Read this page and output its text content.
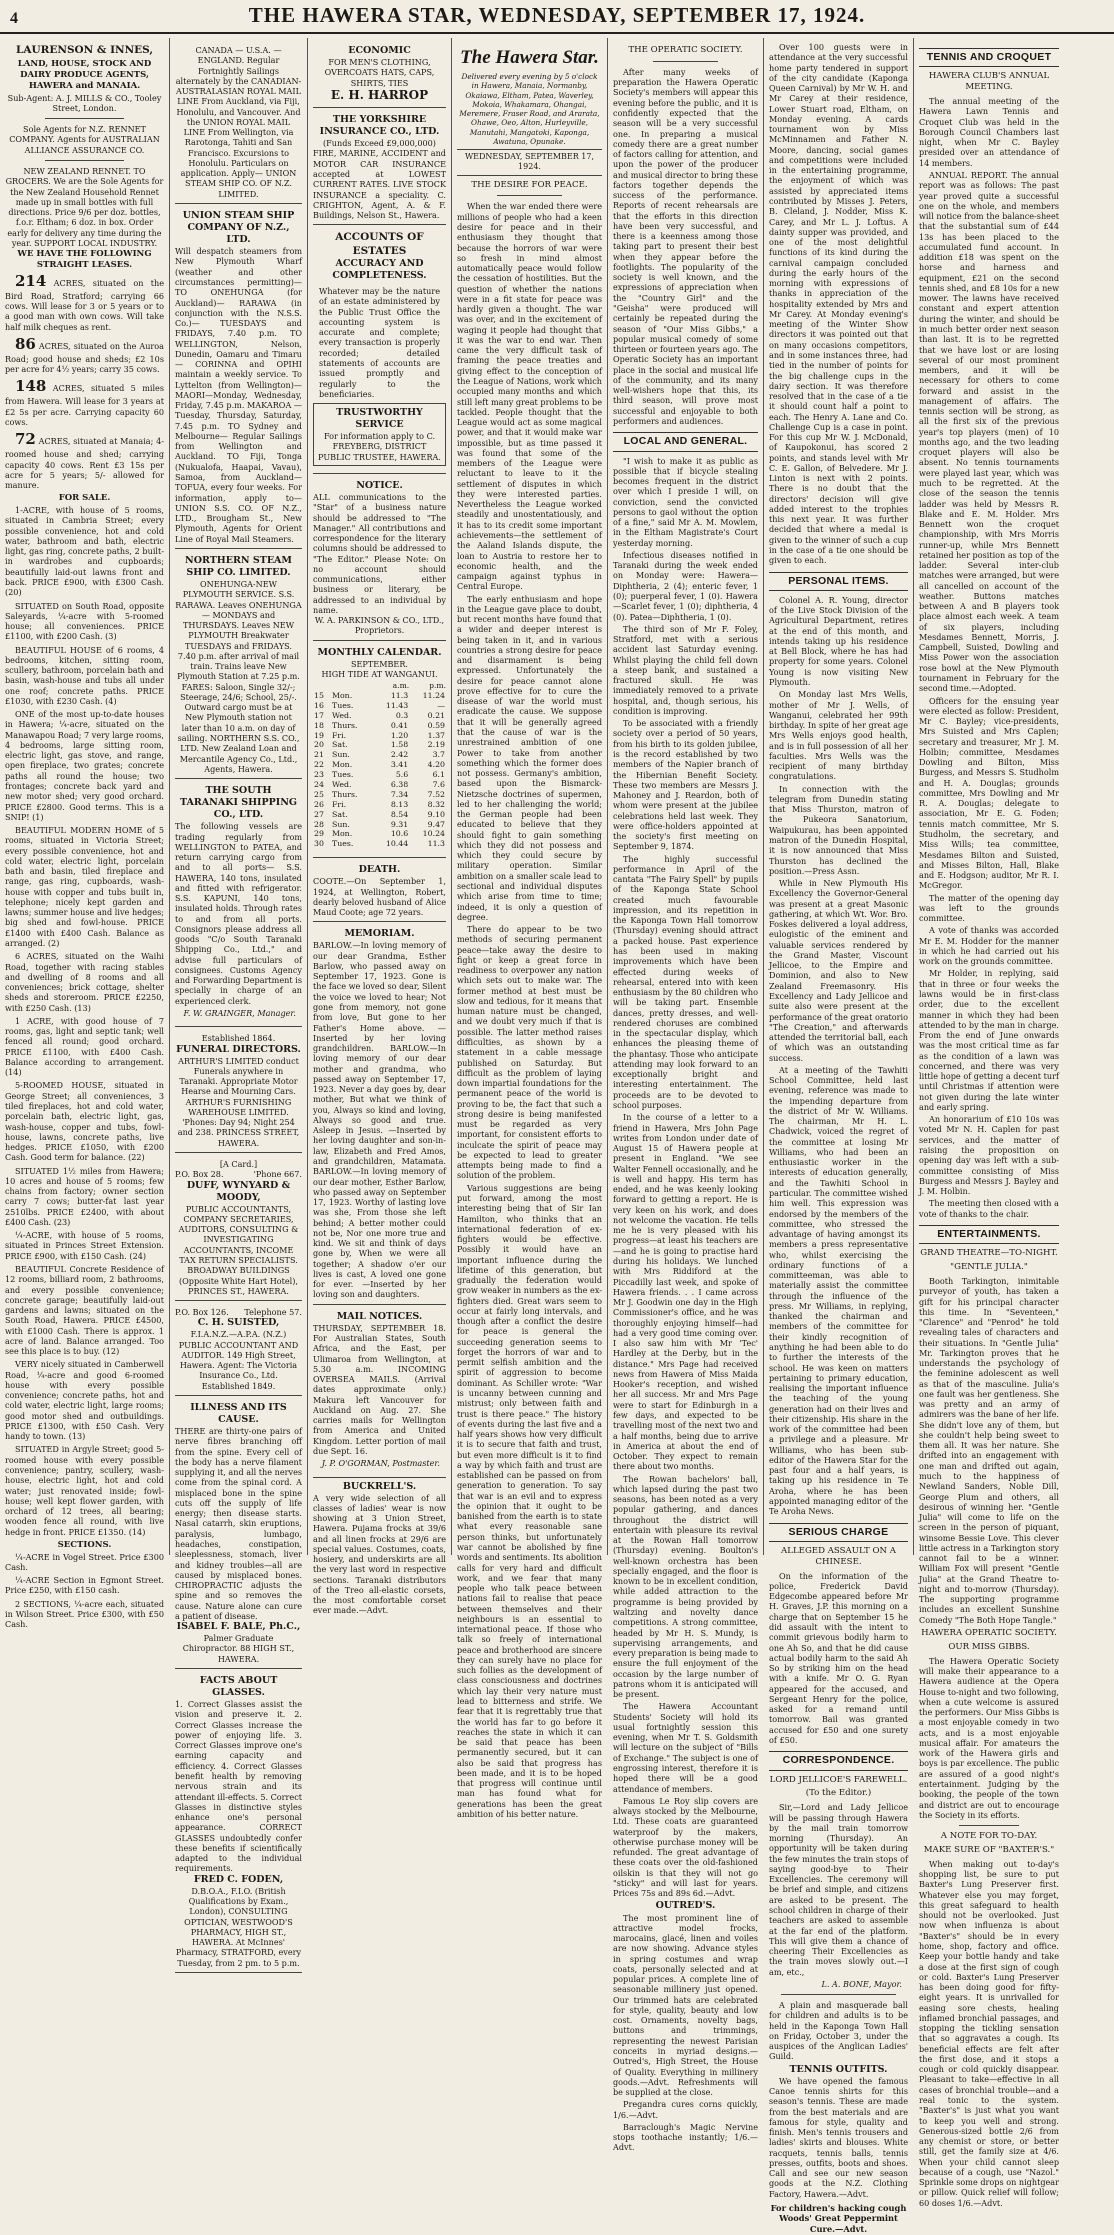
4	THE HAWERA STAR, WEDNESDAY, SEPTEMBER 17, 1924.
LAURENSON & INNES,
LAND, HOUSE, STOCK AND DAIRY PRODUCE AGENTS, HAWERA and MANAIA.
Sub-Agent: A. J. MILLS & CO., Tooley Street, London.
Sole Agents for N.Z. RENNET COMPANY. Agents for AUSTRALIAN ALLIANCE ASSURANCE CO.
NEW ZEALAND RENNET. TO GROCERS. We are the Sole Agents for the New Zealand Household Rennet made up in small bottles with full directions. Price 9/6 per doz. bottles, f.o.r. Eltham; 6 doz. in box. Order early for delivery any time during the year. SUPPORT LOCAL INDUSTRY.
WE HAVE THE FOLLOWING STRAIGHT LEASES.

214 ACRES, situated on the Bird Road, Stratford; carrying 66 cows. Will lease for 3 or 5 years or to a good man with own cows. Will take half milk cheques as rent.

86 ACRES, situated on the Auroa Road; good house and sheds; £2 10s per acre for 4½ years; carry 35 cows.

148 ACRES, situated 5 miles from Hawera. Will lease for 3 years at £2 5s per acre. Carrying capacity 60 cows.

72 ACRES, situated at Manaia; 4-roomed house and shed; carrying capacity 40 cows. Rent £3 15s per acre for 5 years; 5/- allowed for manure.

FOR SALE.

1-ACRE, with house of 5 rooms, situated in Cambria Street; every possible convenience, hot and cold water, bathroom and bath, electric light, gas ring, concrete paths, 2 built-in wardrobes and cupboards; beautifully laid-out lawns front and back. PRICE £900, with £300 Cash. (20)

SITUATED on South Road, opposite Saleyards, ¼-acre with 5-roomed house; all conveniences. PRICE £1100, with £200 Cash. (3)

BEAUTIFUL HOUSE of 6 rooms, 4 bedrooms, kitchen, sitting room, scullery, bathroom, porcelain bath and basin, wash-house and tubs all under one roof; concrete paths. PRICE £1030, with £230 Cash. (4)

ONE of the most up-to-date houses in Hawera; ¼-acre, situated on the Manawapou Road; 7 very large rooms, 4 bedrooms, large sitting room, electric light, gas stove, and range, open fireplace, two grates; concrete paths all round the house; two frontages; concrete back yard and new motor shed; very good orchard. PRICE £2800. Good terms. This is a SNIP! (1)

BEAUTIFUL MODERN HOME of 5 rooms, situated in Victoria Street; every possible convenience, hot and cold water, electric light, porcelain bath and basin, tiled fireplace and range, gas ring, cupboards, wash-house with copper and tubs built in, telephone; nicely kept garden and lawns; summer house and live hedges; big shed and fowl-house. PRICE £1400 with £400 Cash. Balance as arranged. (2)

6 ACRES, situated on the Waihi Road, together with racing stables and dwelling of 8 rooms and all conveniences; brick cottage, shelter sheds and storeroom. PRICE £2250, with £250 Cash. (13)

1 ACRE, with good house of 7 rooms, gas, light and septic tank; well fenced all round; good orchard. PRICE £1100, with £400 Cash. Balance according to arrangement. (14)

5-ROOMED HOUSE, situated in George Street; all conveniences, 3 tiled fireplaces, hot and cold water, porcelain bath, electric light, gas, wash-house, copper and tubs, fowl-house, lawns, concrete paths, live hedges. PRICE £1050, with £200 Cash. Good term for balance. (22)

SITUATED 1½ miles from Hawera; 10 acres and house of 5 rooms; few chains from factory; owner section carry 7 cows; butter-fat last year 2510lbs. PRICE £2400, with about £400 Cash. (23)

¼-ACRE, with house of 5 rooms, situated in Princes Street Extension. PRICE £900, with £150 Cash. (24)

BEAUTIFUL Concrete Residence of 12 rooms, billiard room, 2 bathrooms, and every possible convenience; concrete garage; beautifully laid-out gardens and lawns; situated on the South Road, Hawera. PRICE £4500, with £1000 Cash. There is approx. 1 acre of land. Balance arranged. Too see this place is to buy. (12)

VERY nicely situated in Camberwell Road, ¼-acre and good 6-roomed house with every possible convenience; concrete paths, hot and cold water, electric light, large rooms; good motor shed and outbuildings. PRICE £1300, with £50 Cash. Very handy to town. (13)

SITUATED in Argyle Street; good 5-roomed house with every possible convenience; pantry, scullery, wash-house, electric light, hot and cold water; just renovated inside; fowl-house; well kept flower garden, with orchard of 12 trees, all bearing; wooden fence all round, with live hedge in front. PRICE £1350. (14)

SECTIONS.

¼-ACRE in Vogel Street. Price £300 Cash.

¼-ACRE Section in Egmont Street. Price £250, with £150 cash.

2 SECTIONS, ¼-acre each, situated in Wilson Street. Price £300, with £50 Cash.

CANADA — U.S.A. — ENGLAND. Regular Fortnightly Sailings alternately by the CANADIAN-AUSTRALASIAN ROYAL MAIL LINE From Auckland, via Fiji, Honolulu, and Vancouver. And the UNION ROYAL MAIL LINE From Wellington, via Rarotonga, Tahiti and San Francisco. Excursions to Honolulu. Particulars on application. Apply— UNION STEAM SHIP CO. OF N.Z. LIMITED.
UNION STEAM SHIP COMPANY OF N.Z., LTD.
Will despatch steamers from New Plymouth Wharf (weather and other circumstances permitting)— TO ONEHUNGA (for Auckland)— RARAWA (in conjunction with the N.S.S. Co.)— TUESDAYS and FRIDAYS, 7.40 p.m. TO WELLINGTON, Nelson, Dunedin, Oamaru and Timaru— CORINNA and OPIHI maintain a weekly service. To Lyttelton (from Wellington)— MAORI—Monday, Wednesday, Friday, 7.45 p.m. MAKAROA — Tuesday, Thursday, Saturday, 7.45 p.m. TO Sydney and Melbourne— Regular Sailings from Wellington and Auckland. TO Fiji, Tonga (Nukualofa, Haapai, Vavau), Samoa, from Auckland— TOFUA, every four weeks. For information, apply to— UNION S.S. CO. OF N.Z., LTD., Brougham St., New Plymouth, Agents for Orient Line of Royal Mail Steamers.
NORTHERN STEAM SHIP CO. LIMITED.
ONEHUNGA-NEW PLYMOUTH SERVICE. S.S. RARAWA. Leaves ONEHUNGA— MONDAYS and THURSDAYS. Leaves NEW PLYMOUTH Breakwater TUESDAYS and FRIDAYS. 7.40 p.m. after arrival of mail train. Trains leave New Plymouth Station at 7.25 p.m. FARES: Saloon, Single 32/-; Steerage, 24/6; School, 25/-. Outward cargo must be at New Plymouth station not later than 10 a.m. on day of sailing. NORTHERN S.S. CO., LTD. New Zealand Loan and Mercantile Agency Co., Ltd., Agents, Hawera.
THE SOUTH TARANAKI SHIPPING CO., LTD.
The following vessels are trading regularly from WELLINGTON to PATEA, and return carrying cargo from and to all ports— S.S. HAWERA, 140 tons, insulated and fitted with refrigerator. S.S. KAPUNI, 140 tons, insulated holds. Through rates to and from all ports. Consignors please address all goods "C/o South Taranaki Shipping Co., Ltd.," and advise full particulars of consignees. Customs Agency and Forwarding Department is specially in charge of an experienced clerk.
F. W. GRAINGER, Manager.
Established 1864.
FUNERAL DIRECTORS.
ARTHUR'S LIMITED conduct Funerals anywhere in Taranaki. Appropriate Motor Hearse and Mourning Cars. ARTHUR'S FURNISHING WAREHOUSE LIMITED. 'Phones: Day 94; Night 254 and 238. PRINCESS STREET, HAWERA.
[A Card.]
P.O. Box 28.	'Phone 667.
DUFF, WYNYARD & MOODY,
PUBLIC ACCOUNTANTS, COMPANY SECRETARIES, AUDITORS, CONSULTING & INVESTIGATING ACCOUNTANTS, INCOME TAX RETURN SPECIALISTS. BROADWAY BUILDINGS (Opposite White Hart Hotel), PRINCES ST., HAWERA.
P.O. Box 126. Telephone 57.
C. H. SUISTED,
F.I.A.N.Z.—A.P.A. (N.Z.) PUBLIC ACCOUNTANT AND AUDITOR. 149 High Street, Hawera. Agent: The Victoria Insurance Co., Ltd. Established 1849.
ILLNESS AND ITS CAUSE.
THERE are thirty-one pairs of nerve fibres branching off from the spine. Every cell of the body has a nerve filament supplying it, and all the nerves come from the spinal cord. A misplaced bone in the spine cuts off the supply of life energy; then disease starts. Nasal catarrh, skin eruptions, paralysis, lumbago, headaches, constipation, sleeplessness, stomach, liver and kidney troubles—all are caused by misplaced bones. CHIROPRACTIC adjusts the spine and so removes the cause. Nature alone can cure a patient of disease.
ISABEL F. BALE, Ph.C.,
Palmer Graduate Chiropractor. 88 HIGH ST., HAWERA.
FACTS ABOUT GLASSES.
1. Correct Glasses assist the vision and preserve it. 2. Correct Glasses increase the power of enjoying life. 3. Correct Glasses improve one's earning capacity and efficiency. 4. Correct Glasses benefit health by removing nervous strain and its attendant ill-effects. 5. Correct Glasses in distinctive styles enhance one's personal appearance. CORRECT GLASSES undoubtedly confer these benefits if scientifically adapted to the individual requirements.
FRED C. FODEN,
D.B.O.A., F.I.O. (British Qualifications by Exam., London), CONSULTING OPTICIAN, WESTWOOD'S PHARMACY, HIGH ST., HAWERA. At McInnes' Pharmacy, STRATFORD, every Tuesday, from 2 pm. to 5 p.m.
ECONOMIC
FOR MEN'S CLOTHING, OVERCOATS HATS, CAPS, SHIRTS, TIES
E. H. HARROP
THE YORKSHIRE INSURANCE CO., LTD.
(Funds Exceed £9,000,000)
FIRE, MARINE, ACCIDENT and MOTOR CAR INSURANCE accepted at LOWEST CURRENT RATES. LIVE STOCK INSURANCE a speciality. C. CRIGHTON, Agent, A. & F. Buildings, Nelson St., Hawera.
ACCOUNTS OF ESTATES
ACCURACY AND COMPLETENESS.
Whatever may be the nature of an estate administered by the Public Trust Office the accounting system is accurate and complete; every transaction is properly recorded; detailed statements of accounts are issued promptly and regularly to the beneficiaries.
TRUSTWORTHY SERVICE
For information apply to C. FREYBERG, DISTRICT PUBLIC TRUSTEE, HAWERA.
NOTICE.
ALL communications to the "Star" of a business nature should be addressed to "The Manager." All contributions and correspondence for the literary columns should be addressed to "The Editor." Please Note: On no account should communications, either business or literary, be addressed to an individual by name.
W. A. PARKINSON & CO., LTD., Proprietors.
MONTHLY CALENDAR.
SEPTEMBER.
HIGH TIDE AT WANGANUI.
		a.m.	p.m.
15	Mon.	11.3	11.24
16	Tues.	11.43	—
17	Wed.	0.3	0.21
18	Thurs.	0.41	0.59
19	Fri.	1.20	1.37
20	Sat.	1.58	2.19
21	Sun.	2.42	3.7
22	Mon.	3.41	4.20
23	Tues.	5.6	6.1
24	Wed.	6.38	7.6
25	Thurs.	7.34	7.52
26	Fri.	8.13	8.32
27	Sat.	8.54	9.10
28	Sun.	9.31	9.47
29	Mon.	10.6	10.24
30	Tues.	10.44	11.3
DEATH.
COOTE.—On September 1, 1924, at Wellington, Robert, dearly beloved husband of Alice Maud Coote; age 72 years.
MEMORIAM.
BARLOW.—In loving memory of our dear Grandma, Esther Barlow, who passed away on September 17, 1923. Gone is the face we loved so dear, Silent the voice we loved to hear; Not gone from memory, not gone from love, But gone to her Father's Home above. —Inserted by her loving grandchildren. BARLOW.—In loving memory of our dear mother and grandma, who passed away on September 17, 1923. Never a day goes by, dear mother, But what we think of you, Always so kind and loving, Always so good and true. Asleep in Jesus. —Inserted by her loving daughter and son-in-law, Elizabeth and Fred Amos, and grandchildren, Matamata. BARLOW.—In loving memory of our dear mother, Esther Barlow, who passed away on September 17, 1923. Worthy of lasting love was she, From those she left behind; A better mother could not be, Nor one more true and kind. We sit and think of days gone by, When we were all together; A shadow o'er our lives is cast, A loved one gone for ever. —Inserted by her loving son and daughters.
MAIL NOTICES.
THURSDAY, SEPTEMBER 18. For Australian States, South Africa, and the East, per Ulimaroa from Wellington, at 5.30 a.m. INCOMING OVERSEA MAILS. (Arrival dates approximate only.) Makura left Vancouver for Auckland on Aug. 27. She carries mails for Wellington from America and United Kingdom. Letter portion of mail due Sept. 16.
J. P. O'GORMAN, Postmaster.
BUCKRELL'S.
A very wide selection of all classes of ladies' wear is now showing at 3 Union Street, Hawera. Pujama frocks at 39/6 and all linen frocks at 29/6 are special values. Costumes, coats, hosiery, and underskirts are all the very last word in respective sections. Taranaki distributors of the Treo all-elastic corsets, the most comfortable corset ever made.—Advt.
The Hawera Star.
Delivered every evening by 5 o'clock in Hawera, Manaia, Normanby, Okaiawa, Eltham, Patea, Waverley, Mokoia, Whakamara, Ohangai, Meremere, Fraser Road, and Ararata, Ohawe, Oeo, Alton, Hurleyville, Manutahi, Mangatoki, Kaponga, Awatuna, Opunake.
WEDNESDAY, SEPTEMBER 17, 1924.
THE DESIRE FOR PEACE.

When the war ended there were millions of people who had a keen desire for peace and in their enthusiasm they thought that because the horrors of war were so fresh in mind almost automatically peace would follow the cessation of hostilities. But the question of whether the nations were in a fit state for peace was hardly given a thought. The war was over, and in the excitement of waging it people had thought that it was the war to end war. Then came the very difficult task of framing the peace treaties and giving effect to the conception of the League of Nations, work which occupied many months and which still left many great problems to be tackled. People thought that the League would act as some magical power, and that it would make war impossible, but as time passed it was found that some of the members of the League were reluctant to leave to it the settlement of disputes in which they were interested parties. Nevertheless the League worked steadily and unostentatiously, and it has to its credit some important achievements—the settlement of the Aaland Islands dispute, the loan to Austria to restore her to economic health, and the campaign against typhus in Central Europe.

The early enthusiasm and hope in the League gave place to doubt, but recent months have found that a wider and deeper interest is being taken in it, and in various countries a strong desire for peace and disarmament is being expressed. Unfortunately the desire for peace cannot alone prove effective for to cure the disease of war the world must eradicate the cause. We suppose that it will be generally agreed that the cause of war is the unrestrained ambition of one Power to take from another something which the former does not possess. Germany's ambition, based upon the Bismarck-Nietzsche doctrines of supermen, led to her challenging the world; the German people had been educated to believe that they should fight to gain something which they did not possess and which they could secure by military operation. Similar ambition on a smaller scale lead to sectional and individual disputes which arise from time to time; indeed, it is only a question of degree.

There do appear to be two methods of securing permanent peace—take away the desire to fight or keep a great force in readiness to overpower any nation which sets out to make war. The former method at best must be slow and tedious, for it means that human nature must be changed, and we doubt very much if that is possible. The latter method raises difficulties, as shown by a statement in a cable message published on Saturday. But difficult as the problem of laying down impartial foundations for the permanent peace of the world is proving to be, the fact that such a strong desire is being manifested must be regarded as very important, for consistent efforts to inculcate the spirit of peace may be expected to lead to greater attempts being made to find a solution of the problem.

Various suggestions are being put forward, among the most interesting being that of Sir Ian Hamilton, who thinks that an international federation of ex-fighters would be effective. Possibly it would have an important influence during the lifetime of this generation, but gradually the federation would grow weaker in numbers as the ex-fighters died. Great wars seem to occur at fairly long intervals, and though after a conflict the desire for peace is general the succeeding generation seems to forget the horrors of war and to permit selfish ambition and the spirit of aggression to become dominant. As Schiller wrote: "War is uncanny between cunning and mistrust; only between faith and trust is there peace." The history of events during the last five and a half years shows how very difficult it is to secure that faith and trust, but even more difficult is it to find a way by which faith and trust are established can be passed on from generation to generation. To say that war is an evil and to express the opinion that it ought to be banished from the earth is to state what every reasonable sane person thinks, but unfortunately war cannot be abolished by fine words and sentiments. Its abolition calls for very hard and difficult work, and we fear that many people who talk peace between nations fail to realise that peace between themselves and their neighbours is an essential to international peace. If those who talk so freely of international peace and brotherhood are sincere they can surely have no place for such follies as the development of class consciousness and doctrines which lay their very nature must lead to bitterness and strife. We fear that it is regrettably true that the world has far to go before it reaches the state in which it can be said that peace has been permanently secured, but it can also be said that progress has been made, and it is to be hoped that progress will continue until man has found what for generations has been the great ambition of his better nature.

THE OPERATIC SOCIETY.

After many weeks of preparation the Hawera Operatic Society's members will appear this evening before the public, and it is confidently expected that the season will be a very successful one. In preparing a musical comedy there are a great number of factors calling for attention, and upon the power of the producer and musical director to bring these factors together depends the success of the performance. Reports of recent rehearsals are that the efforts in this direction have been very successful, and there is a keenness among those taking part to present their best when they appear before the footlights. The popularity of the society is well known, and the expressions of appreciation when the "Country Girl" and the "Geisha" were produced will certainly be repeated during the season of "Our Miss Gibbs," a popular musical comedy of some thirteen or fourteen years ago. The Operatic Society has an important place in the social and musical life of the community, and its many well-wishers hope that this, its third season, will prove most successful and enjoyable to both performers and audiences.

LOCAL AND GENERAL.

"I wish to make it as public as possible that if bicycle stealing becomes frequent in the district over which I preside I will, on conviction, send the convicted persons to gaol without the option of a fine," said Mr A. M. Mowlem, in the Eltham Magistrate's Court yesterday morning.

Infectious diseases notified in Taranaki during the week ended on Monday were: Hawera—Diphtheria, 2 (4); enteric fever, 1 (0); puerperal fever, 1 (0). Hawera—Scarlet fever, 1 (0); diphtheria, 4 (0). Patea—Diphtheria, 1 (0).

The third son of Mr F. Foley, Stratford, met with a serious accident last Saturday evening. Whilst playing the child fell down a steep bank, and sustained a fractured skull. He was immediately removed to a private hospital, and, though serious, his condition is improving.

To be associated with a friendly society over a period of 50 years, from his birth to its golden jubilee, is the record established by two members of the Napier branch of the Hibernian Benefit Society. These two members are Messrs J. Mahoney and J. Reardon, both of whom were present at the jubilee celebrations held last week. They were office-holders appointed at the society's first meeting on September 9, 1874.

The highly successful performance in April of the cantata "The Fairy Spell" by pupils of the Kaponga State School created much favourable impression, and its repetition in the Kaponga Town Hall tomorrow (Thursday) evening should attract a packed house. Past experience has been used in making improvements which have been effected during weeks of rehearsal, entered into with keen enthusiasm by the 80 children who will be taking part. Ensemble dances, pretty dresses, and well-rendered choruses are combined in the spectacular display, which enhances the pleasing theme of the phantasy. Those who anticipate attending may look forward to an exceptionally bright and interesting entertainment. The proceeds are to be devoted to school purposes.

In the course of a letter to a friend in Hawera, Mrs John Page writes from London under date of August 15 of Hawera people at present in England. "We see Walter Fennell occasionally, and he is well and happy. His term has ended, and he was keenly looking forward to getting a report. He is very keen on his work, and does not welcome the vacation. He tells me he is very pleased with his progress—at least his teachers are—and he is going to practise hard during his holidays. We lunched with Mrs Riddiford at the Piccadilly last week, and spoke of Hawera friends. . . I came across Mr J. Goodwin one day in the High Commissioner's office, and he was thoroughly enjoying himself—had had a very good time coming over. I also saw him with Mr 'Tec' Hardley at the Derby, but in the distance." Mrs Page had received news from Hawera of Miss Maida Hooker's reception, and wished her all success. Mr and Mrs Page were to start for Edinburgh in a few days, and expected to be travelling most of the next two and a half months, being due to arrive in America at about the end of October. They expect to remain there about two months.

The Rowan bachelors' ball, which lapsed during the past two seasons, has been noted as a very popular gathering, and dances throughout the district will entertain with pleasure its revival at the Rowan Hall tomorrow (Thursday) evening. Boulton's well-known orchestra has been specially engaged, and the floor is known to be in excellent condition, while added attraction to the programme is being provided by waltzing and novelty dance competitions. A strong committee, headed by Mr H. S. Mundy, is supervising arrangements, and every preparation is being made to ensure the full enjoyment of the occasion by the large number of patrons whom it is anticipated will be present.

The Hawera Accountant Students' Society will hold its usual fortnightly session this evening, when Mr T. S. Goldsmith will lecture on the subject of "Bills of Exchange." The subject is one of engrossing interest, therefore it is hoped there will be a good attendance of members.

Famous Le Roy slip covers are always stocked by the Melbourne, Ltd. These coats are guaranteed waterproof by the makers, otherwise purchase money will be refunded. The great advantage of these coats over the old-fashioned oilskin is that they will not go "sticky" and will last for years. Prices 75s and 89s 6d.—Advt.

OUTRED'S.

The most prominent line of attractive model frocks, marocains, glacé, linen and voiles are now showing. Advance styles in spring costumes and wrap coats, personally selected and at popular prices. A complete line of seasonable millinery just opened. Our trimmed hats are celebrated for style, quality, beauty and low cost. Ornaments, novelty bags, buttons and trimmings, representing the newest Parisian conceits in myriad designs.—Outred's, High Street, the House of Quality. Everything in millinery goods.—Advt. Refreshments will be supplied at the close.

Pregandra cures corns quickly, 1/6.—Advt.

Barraclough's Magic Nervine stops toothache instantly; 1/6.—Advt.

Over 100 guests were in attendance at the very successful home party tendered in support of the city candidate (Kaponga Queen Carnival) by Mr W. H. and Mr Carey at their residence, Lower Stuart road, Eltham, on Monday evening. A cards tournament won by Miss McMinnamen and Father N. Moore, dancing, social games and competitions were included in the entertaining programme, the enjoyment of which was assisted by appreciated items contributed by Misses J. Peters, B. Cleland, J. Nodder, Miss K. Carey, and Mr L. J. Loftus. A dainty supper was provided, and one of the most delightful functions of its kind during the carnival campaign concluded during the early hours of the morning with expressions of thanks in appreciation of the hospitality extended by Mrs and Mr Carey. At Monday evening's meeting of the Winter Show directors it was pointed out that on many occasions competitors, and in some instances three, had tied in the number of points for the big challenge cups in the dairy section. It was therefore resolved that in the case of a tie it should count half a point to each. The Henry A. Lane and Co. Challenge Cup is a case in point. For this cup Mr W. J. McDonald, of Kaupokonui, has scored 2 points, and stands level with Mr C. E. Gallon, of Belvedere. Mr J. Linton is next with 2 points. There is no doubt that the directors' decision will give added interest to the trophies this next year. It was further decided that where a medal is given to the winner of such a cup in the case of a tie one should be given to each.

PERSONAL ITEMS.

Colonel A. R. Young, director of the Live Stock Division of the Agricultural Department, retires at the end of this month, and intends taking up his residence at Bell Block, where he has had property for some years. Colonel Young is now visiting New Plymouth.

On Monday last Mrs Wells, mother of Mr J. Wells, of Wanganui, celebrated her 99th birthday. In spite of her great age Mrs Wells enjoys good health, and is in full possession of all her faculties. Mrs Wells was the recipient of many birthday congratulations.

In connection with the telegram from Dunedin stating that Miss Thurston, matron of the Pukeora Sanatorium, Waipukurau, has been appointed matron of the Dunedin Hospital, it is now announced that Miss Thurston has declined the position.—Press Assn.

While in New Plymouth His Excellency the Governor-General was present at a great Masonic gathering, at which Wt. Wor. Bro. Foskes delivered a loyal address, eulogistic of the eminent and valuable services rendered by the Grand Master, Viscount Jellicoe, to the Empire and Dominion, and also to New Zealand Freemasonry. His Excellency and Lady Jellicoe and suite also were present at the performance of the great oratorio "The Creation," and afterwards attended the territorial ball, each of which was an outstanding success.

At a meeting of the Tawhiti School Committee, held last evening, reference was made to the impending departure from the district of Mr W. Williams. The chairman, Mr H. L. Chadwick, voiced the regret of the committee at losing Mr Williams, who had been an enthusiastic worker in the interests of education generally, and the Tawhiti School in particular. The committee wished him well. This expression was endorsed by the members of the committee, who stressed the advantage of having amongst its members a press representative who, whilst exercising the ordinary functions of a committeeman, was able to materially assist the committee through the influence of the press. Mr Williams, in replying, thanked the chairman and members of the committee for their kindly recognition of anything he had been able to do to further the interests of the school. He was keen on matters pertaining to primary education, realising the important influence the teaching of the young generation had on their lives and their citizenship. His share in the work of the committee had been a privilege and a pleasure. Mr Williams, who has been sub-editor of the Hawera Star for the past four and a half years, is taking up his residence in Te Aroha, where he has been appointed managing editor of the Te Aroha News.

SERIOUS CHARGE
ALLEGED ASSAULT ON A CHINESE.

On the information of the police, Frederick David Edgecombe appeared before Mr H. Graves, J.P. this morning on a charge that on September 15 he did assault with the intent to commit grievous bodily harm to one Ah So, and that he did cause actual bodily harm to the said Ah So by striking him on the head with a knife. Mr O. G. Ryan appeared for the accused, and Sergeant Henry for the police, asked for a remand until tomorrow. Bail was granted accused for £50 and one surety of £50.

CORRESPONDENCE.
LORD JELLICOE'S FAREWELL.
(To the Editor.)

Sir,—Lord and Lady Jellicoe will be passing through Hawera by the mail train tomorrow morning (Thursday). An opportunity will be taken during the few minutes the train stops of saying good-bye to Their Excellencies. The ceremony will be brief and simple, and citizens are asked to be present. The school children in charge of their teachers are asked to assemble at the far end of the platform. This will give them a chance of cheering Their Excellencies as the train moves slowly out.—I am, etc.,

L. A. BONE, Mayor.

A plain and masquerade ball for children and adults is to be held in the Kaponga Town Hall on Friday, October 3, under the auspices of the Anglican Ladies' Guild.

TENNIS OUTFITS.

We have opened the famous Canoe tennis shirts for this season's tennis. These are made from the best materials and are famous for style, quality and finish. Men's tennis trousers and ladies' skirts and blouses. White racquets, tennis balls, tennis presses, outfits, boots and shoes. Call and see our new season goods at the N.Z. Clothing Factory, Hawera.—Advt.

For children's hacking cough Woods' Great Peppermint Cure.—Advt.
TENNIS AND CROQUET
HAWERA CLUB'S ANNUAL MEETING.

The annual meeting of the Hawera Lawn Tennis and Croquet Club was held in the Borough Council Chambers last night, when Mr C. Bayley presided over an attendance of 14 members.

ANNUAL REPORT. The annual report was as follows: The past year proved quite a successful one on the whole, and members will notice from the balance-sheet that the substantial sum of £44 13s has been placed to the accumulated fund account. In addition £18 was spent on the horse and harness and equipment, £21 on the second tennis shed, and £8 10s for a new mower. The lawns have received constant and expert attention during the winter, and should be in much better order next season than last. It is to be regretted that we have lost or are losing several of our most prominent members, and it will be necessary for others to come forward and assist in the management of affairs. The tennis section will be strong, as all the first six of the previous year's top players (men) of 10 months ago, and the two leading croquet players will also be absent. No tennis tournaments were played last year, which was much to be regretted. At the close of the season the tennis ladder was held by Messrs R. Blake and E. M. Holder. Mrs Bennett won the croquet championship, with Mrs Morris runner-up, while Mrs Bennett retained her position as top of the ladder. Several inter-club matches were arranged, but were all cancelled on account of the weather. Buttons matches between A and B players took place almost each week. A team of six players, including Mesdames Bennett, Morris, J. Campbell, Suisted, Dowling and Miss Power won the association rose bowl at the New Plymouth tournament in February for the second time.—Adopted.

Officers for the ensuing year were elected as follow: President, Mr C. Bayley; vice-presidents, Mrs Suisted and Mrs Caplen; secretary and treasurer, Mr J. M. Holbin; committee, Mesdames Dowling and Bilton, Miss Burgess, and Messrs S. Studholm and H. A. Douglas; grounds committee, Mrs Dowling and Mr R. A. Douglas; delegate to association, Mr E. G. Foden; tennis match committee, Mr S. Studholm, the secretary, and Miss Wills; tea committee, Mesdames Bilton and Suisted, and Misses Bilton, Hall, Blake and E. Hodgson; auditor, Mr R. I. McGregor.

The matter of the opening day was left to the grounds committee.

A vote of thanks was accorded Mr E. M. Hodder for the manner in which he had carried out his work on the grounds committee.

Mr Holder, in replying, said that in three or four weeks the lawns would be in first-class order, due to the excellent manner in which they had been attended to by the man in charge. From the end of June onwards was the most critical time as far as the condition of a lawn was concerned, and there was very little hope of getting a decent turf until Christmas if attention were not given during the late winter and early spring.

An honorarium of £10 10s was voted Mr N. H. Caplen for past services, and the matter of raising the proposition on opening day was left with a sub-committee consisting of Miss Burgess and Messrs J. Bayley and J. M. Holbin.

The meeting then closed with a vote of thanks to the chair.

ENTERTAINMENTS.
GRAND THEATRE—TO-NIGHT.
"GENTLE JULIA."

Booth Tarkington, inimitable purveyor of youth, has taken a gift for his principal character this time. In "Seventeen," "Clarence" and "Penrod" he told revealing tales of characters and their situations. In "Gentle Julia" Mr. Tarkington proves that he understands the psychology of the feminine adolescent as well as that of the masculine. Julia's one fault was her gentleness. She was pretty and an army of admirers was the bane of her life. She didn't love any of them, but she couldn't help being sweet to them all. It was her nature. She drifted into an engagement with one man and drifted out again, much to the happiness of Newland Sanders, Noble Dill, George Plum and others, all desirous of winning her. "Gentle Julia" will come to life on the screen in the person of piquant, winsome Bessie Love. This clever little actress in a Tarkington story cannot fail to be a winner. William Fox will present "Gentle Julia" at the Grand Theatre to-night and to-morrow (Thursday). The supporting programme includes an excellent Sunshine Comedy "The Both Hope Tangle."

HAWERA OPERATIC SOCIETY.
OUR MISS GIBBS.

The Hawera Operatic Society will make their appearance to a Hawera audience at the Opera House to-night and two following, when a cute welcome is assured the performers. Our Miss Gibbs is a most enjoyable comedy in two acts, and is a most enjoyable musical affair. For amateurs the work of the Hawera girls and boys is par excellence. The public are assured of a good night's entertainment. Judging by the booking, the people of the town and district are out to encourage the Society in its efforts.

A NOTE FOR TO-DAY.
MAKE SURE OF "BAXTER'S."

When making out to-day's shopping list, be sure to put Baxter's Lung Preserver first. Whatever else you may forget, this great safeguard to health should not be overlooked. Just now when influenza is about "Baxter's" should be in every home, shop, factory and office. Keep your bottle handy and take a dose at the first sign of cough or cold. Baxter's Lung Preserver has been doing good for fifty-eight years. It is unrivalled for easing sore chests, healing inflamed bronchial passages, and stopping the tickling sensation that so aggravates a cough. Its beneficial effects are felt after the first dose, and it stops a cough or cold quickly disappear. Pleasant to take—effective in all cases of bronchial trouble—and a real tonic to the system. "Baxter's" is just what you want to keep you well and strong. Generous-sized bottle 2/6 from any chemist or store, or better still, get the family size at 4/6. When your child cannot sleep because of a cough, use "Nazol." Sprinkle some drops on nightgear or pillow. Quick relief will follow; 60 doses 1/6.—Advt.
